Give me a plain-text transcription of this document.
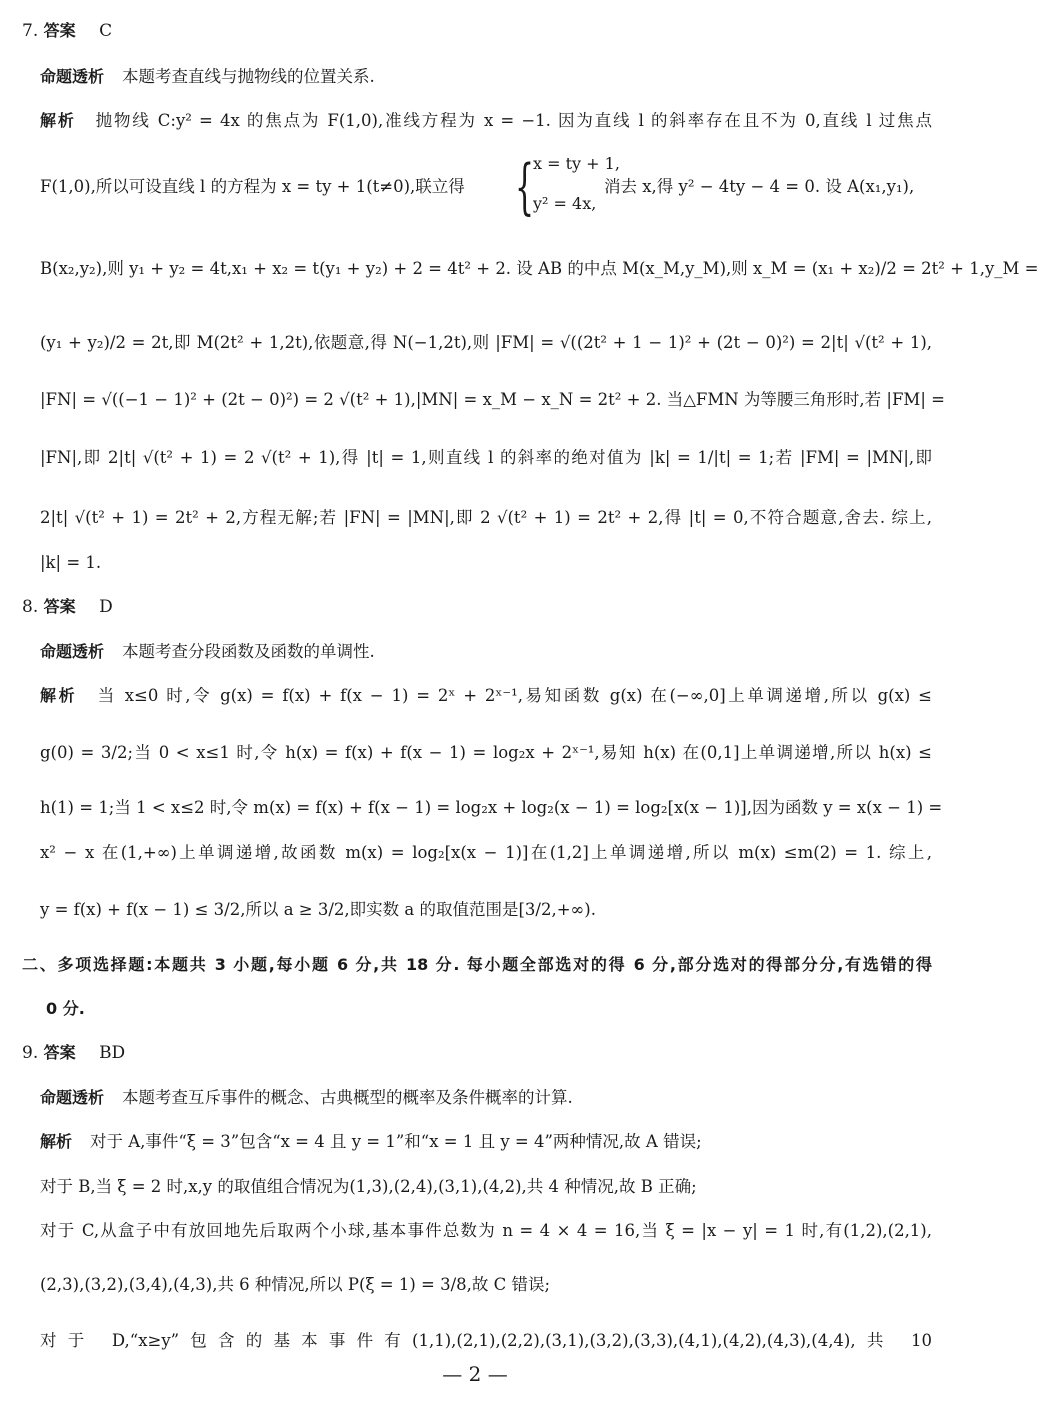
7. 答案 C
命题透析 本题考查直线与抛物线的位置关系.
解析 抛物线 C:y² = 4x 的焦点为 F(1,0),准线方程为 x = −1. 因为直线 l 的斜率存在且不为 0,直线 l 过焦点
F(1,0),所以可设直线 l 的方程为 x = ty + 1(t≠0),联立得 {
x = ty + 1,
y² = 4x,
消去 x,得 y² − 4ty − 4 = 0. 设 A(x₁,y₁),
B(x₂,y₂),则 y₁ + y₂ = 4t,x₁ + x₂ = t(y₁ + y₂) + 2 = 4t² + 2. 设 AB 的中点 M(x_M,y_M),则 x_M = (x₁ + x₂)/2 = 2t² + 1,y_M =
(y₁ + y₂)/2 = 2t,即 M(2t² + 1,2t),依题意,得 N(−1,2t),则 |FM| = √((2t² + 1 − 1)² + (2t − 0)²) = 2|t| √(t² + 1),
|FN| = √((−1 − 1)² + (2t − 0)²) = 2 √(t² + 1),|MN| = x_M − x_N = 2t² + 2. 当△FMN 为等腰三角形时,若 |FM| =
|FN|,即 2|t| √(t² + 1) = 2 √(t² + 1),得 |t| = 1,则直线 l 的斜率的绝对值为 |k| = 1/|t| = 1;若 |FM| = |MN|,即
2|t| √(t² + 1) = 2t² + 2,方程无解;若 |FN| = |MN|,即 2 √(t² + 1) = 2t² + 2,得 |t| = 0,不符合题意,舍去. 综上,
|k| = 1.
8. 答案 D
命题透析 本题考查分段函数及函数的单调性.
解析 当 x≤0 时,令 g(x) = f(x) + f(x − 1) = 2ˣ + 2ˣ⁻¹,易知函数 g(x) 在(−∞,0]上单调递增,所以 g(x) ≤
g(0) = 3/2;当 0 < x≤1 时,令 h(x) = f(x) + f(x − 1) = log₂x + 2ˣ⁻¹,易知 h(x) 在(0,1]上单调递增,所以 h(x) ≤
h(1) = 1;当 1 < x≤2 时,令 m(x) = f(x) + f(x − 1) = log₂x + log₂(x − 1) = log₂[x(x − 1)],因为函数 y = x(x − 1) =
x² − x 在(1,+∞)上单调递增,故函数 m(x) = log₂[x(x − 1)]在(1,2]上单调递增,所以 m(x) ≤m(2) = 1. 综上,
y = f(x) + f(x − 1) ≤ 3/2,所以 a ≥ 3/2,即实数 a 的取值范围是[3/2,+∞).
二、多项选择题:本题共 3 小题,每小题 6 分,共 18 分. 每小题全部选对的得 6 分,部分选对的得部分分,有选错的得
0 分.
9. 答案 BD
命题透析 本题考查互斥事件的概念、古典概型的概率及条件概率的计算.
解析 对于 A,事件“ξ = 3”包含“x = 4 且 y = 1”和“x = 1 且 y = 4”两种情况,故 A 错误;
对于 B,当 ξ = 2 时,x,y 的取值组合情况为(1,3),(2,4),(3,1),(4,2),共 4 种情况,故 B 正确;
对于 C,从盒子中有放回地先后取两个小球,基本事件总数为 n = 4 × 4 = 16,当 ξ = |x − y| = 1 时,有(1,2),(2,1),
(2,3),(3,2),(3,4),(4,3),共 6 种情况,所以 P(ξ = 1) = 3/8,故 C 错误;
对于 D,“x≥y”包含的基本事件有(1,1),(2,1),(2,2),(3,1),(3,2),(3,3),(4,1),(4,2),(4,3),(4,4),共 10
— 2 —
